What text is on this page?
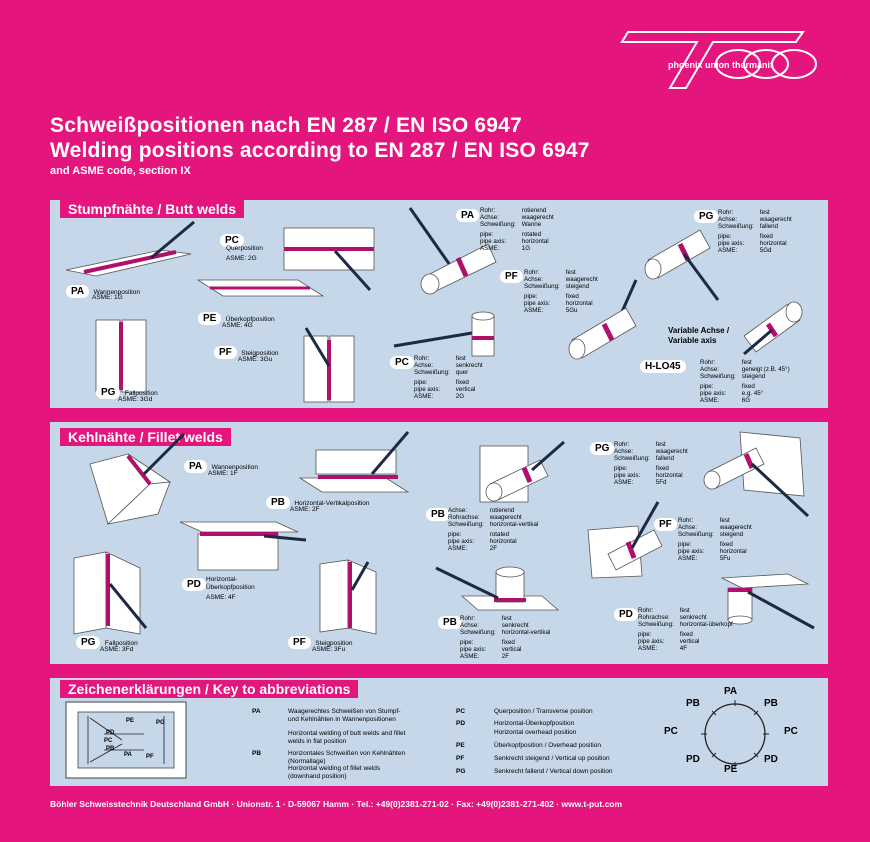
phoenix union thermanit
Schweißpositionen nach EN 287 / EN ISO 6947
Welding positions according to EN 287 / EN ISO 6947
and ASME code, section IX
Stumpfnähte / Butt welds
PA Wannenposition
ASME: 1G
PC
Querposition
ASME: 2G
PE Überkopfposition
ASME: 4G
PF Steigposition
ASME: 3Gu
PG Fallposition
ASME: 3Gd
PA Rohr:	rotierend
Achse:	waagerecht
Schweißung: Wanne
pipe:	rotated
pipe axis:	horizontal
ASME:	1G
PF	Rohr:	fest
Achse:	waagerecht
Schweißung: steigend
pipe:	fixed
pipe axis:	horizontal
ASME:	5Gu
PG Rohr:	fest
Achse:	waagerecht
Schweißung: fallend
pipe:	fixed
pipe axis:	horizontal
ASME:	5Gd
PC Rohr:	fest
Achse:	senkrecht
Schweißung: quer
pipe:	fixed
pipe axis:	vertical
ASME:	2G
Variable Achse /
Variable axis
H-LO45	Rohr:	fest
Achse:	geneigt (z.B. 45°)
Schweißung: steigend
pipe:	fixed
pipe axis:	e.g. 45°
ASME:	6G
Kehlnähte / Fillet welds
PA Wannenposition
ASME: 1F
PB Horizontal-Vertikalposition
ASME: 2F
PD Horizontal-
Überkopfposition
ASME: 4F
PG Fallposition
ASME: 3Fd
PF Steigposition
ASME: 3Fu
PB Achse:	rotierend
Rohrachse:	waagerecht
Schweißung: horizontal-vertikal
pipe:	rotated
pipe axis:	horizontal
ASME:	2F
PB Rohr:	fest
Achse:	senkrecht
Schweißung: horizontal-vertikal
pipe:	fixed
pipe axis:	vertical
ASME:	2F
PG Rohr:	fest
Achse:	waagerecht
Schweißung: fallend
pipe:	fixed
pipe axis:	horizontal
ASME:	5Fd
PF	Rohr:	fest
Achse:	waagerecht
Schweißung: steigend
pipe:	fixed
pipe axis:	horizontal
ASME:	5Fu
PD Rohr:	fest
Rohrachse:	senkrecht
Schweißung: horizontal-überkopf
pipe:	fixed
pipe axis:	vertical
ASME:	4F
Zeichenerklärungen / Key to abbreviations
PE	PG
PD
PC
PB
PA PF
PA	Waagerechtes Schweißen von Stumpf- und Kehlnähten in Wannenpositionen
Horizontal welding of butt welds and fillet welds in flat position
PB	Horizontales Schweißen von Kehlnähten (Normallage)
Horizontal welding of fillet welds (downhand position)
PC	Querposition / Transverse position
PD	Horizontal-Überkopfposition
Horizontal overhead position
PE	Überkopfposition / Overhead position
PF	Senkrecht steigend / Vertical up position
PG	Senkrecht fallend / Vertical down position
PA
PE
PC	PC
PB	PB
PD	PD
Böhler Schweisstechnik Deutschland GmbH · Unionstr. 1 · D-59067 Hamm · Tel.: +49(0)2381-271-02 · Fax: +49(0)2381-271-402 · www.t-put.com
